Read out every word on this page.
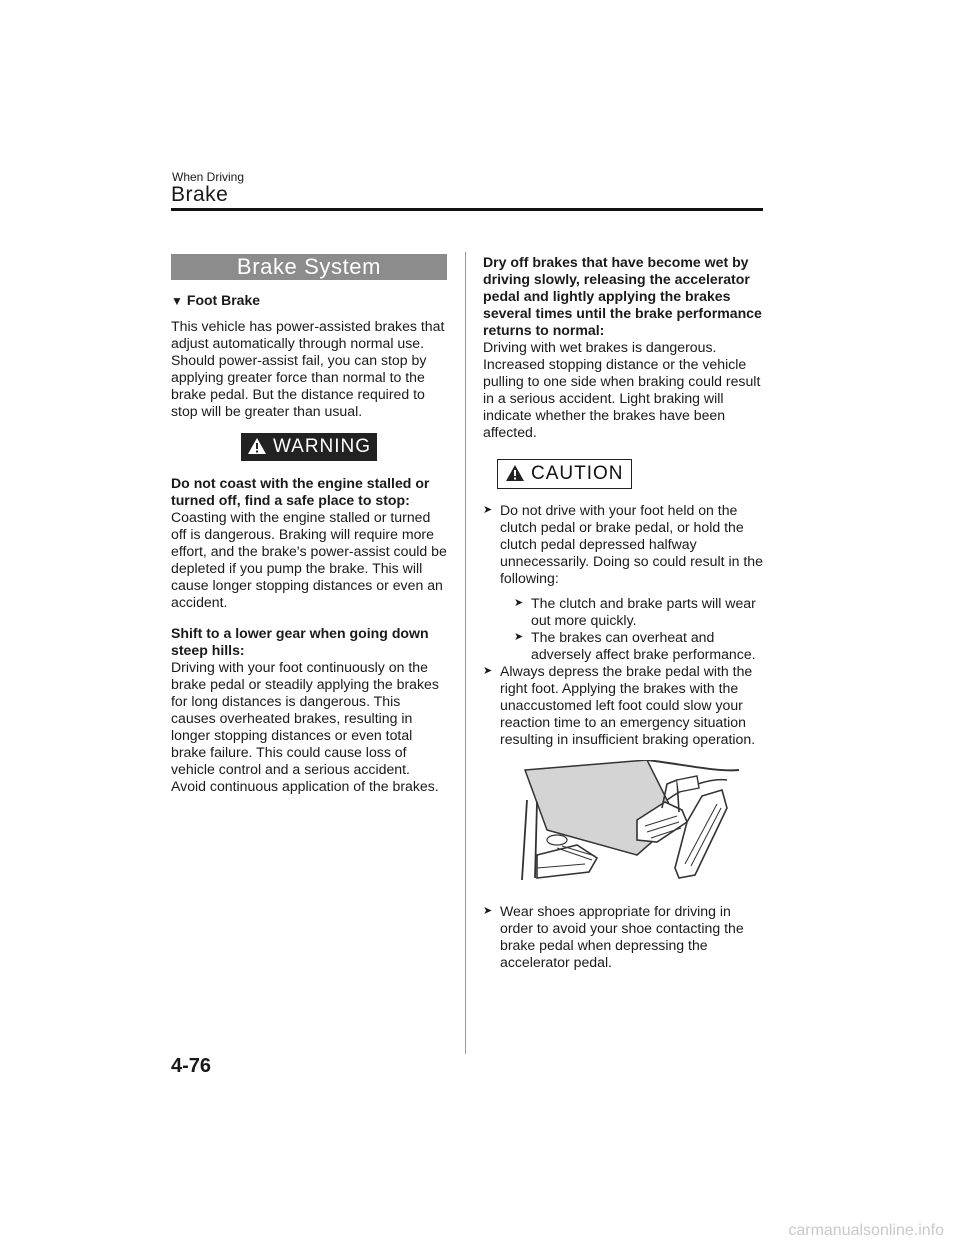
When Driving
Brake
Brake System
▼ Foot Brake

This vehicle has power-assisted brakes that adjust automatically through normal use.

Should power-assist fail, you can stop by applying greater force than normal to the brake pedal. But the distance required to stop will be greater than usual.

WARNING

Do not coast with the engine stalled or turned off, find a safe place to stop:

Coasting with the engine stalled or turned off is dangerous. Braking will require more effort, and the brake's power-assist could be depleted if you pump the brake. This will cause longer stopping distances or even an accident.

Shift to a lower gear when going down steep hills:

Driving with your foot continuously on the brake pedal or steadily applying the brakes for long distances is dangerous. This causes overheated brakes, resulting in longer stopping distances or even total brake failure. This could cause loss of vehicle control and a serious accident. Avoid continuous application of the brakes.

Dry off brakes that have become wet by driving slowly, releasing the accelerator pedal and lightly applying the brakes several times until the brake performance returns to normal:

Driving with wet brakes is dangerous. Increased stopping distance or the vehicle pulling to one side when braking could result in a serious accident. Light braking will indicate whether the brakes have been affected.

CAUTION
➤ Do not drive with your foot held on the clutch pedal or brake pedal, or hold the clutch pedal depressed halfway unnecessarily. Doing so could result in the following:
➤ The clutch and brake parts will wear out more quickly.
➤ The brakes can overheat and adversely affect brake performance.
➤ Always depress the brake pedal with the right foot. Applying the brakes with the unaccustomed left foot could slow your reaction time to an emergency situation resulting in insufficient braking operation.
➤ Wear shoes appropriate for driving in order to avoid your shoe contacting the brake pedal when depressing the accelerator pedal.
4-76
carmanualsonline.info
